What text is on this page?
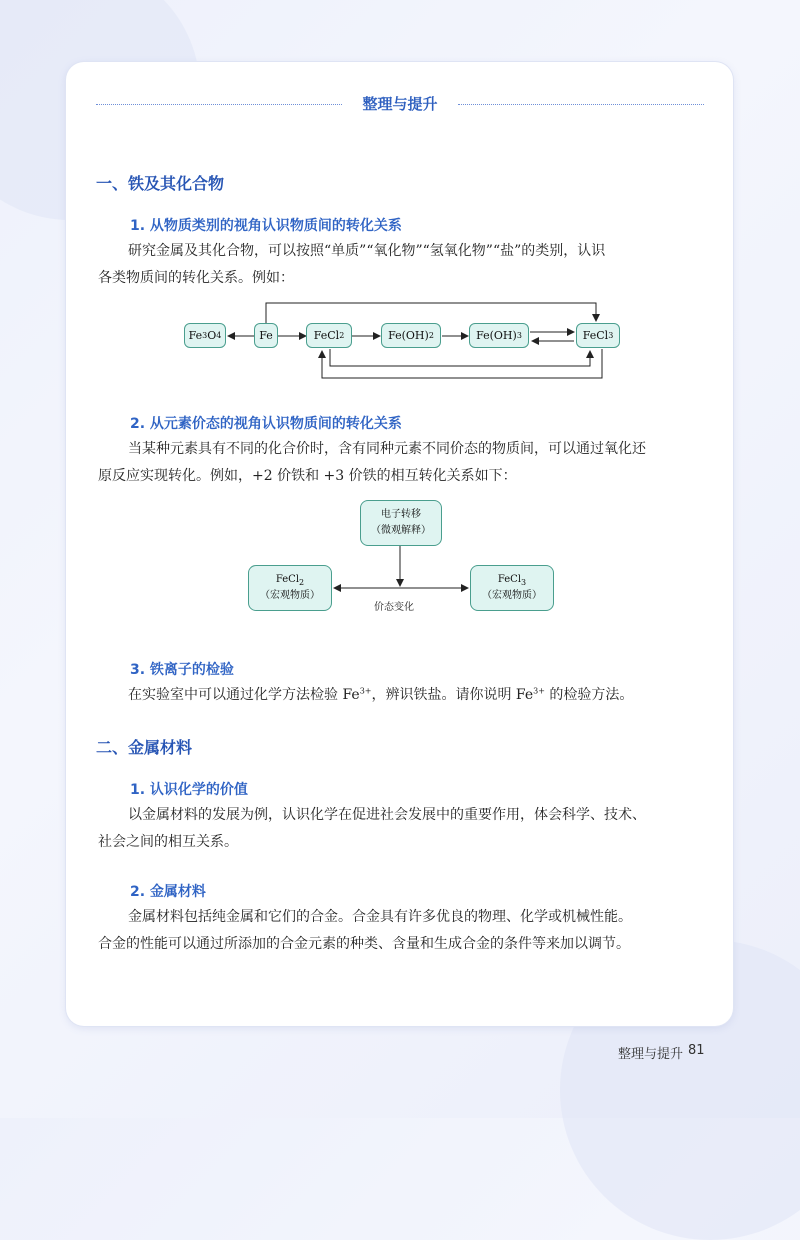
整理与提升
一、铁及其化合物
1. 从物质类别的视角认识物质间的转化关系
研究金属及其化合物，可以按照“单质”“氧化物”“氢氧化物”“盐”的类别，认识
各类物质间的转化关系。例如：
Fe 3 O 4	Fe	FeCl 2	Fe(OH) 2	Fe(OH) 3	FeCl 3
2. 从元素价态的视角认识物质间的转化关系
当某种元素具有不同的化合价时，含有同种元素不同价态的物质间，可以通过氧化还
原反应实现转化。例如，+2 价铁和 +3 价铁的相互转化关系如下：
电子转移
（微观解释）
FeCl$_2$
（宏观物质）
FeCl$_3$
（宏观物质）
价态变化
3. 铁离子的检验
在实验室中可以通过化学方法检验 $Fe^{3+}$，辨识铁盐。请你说明 $Fe^{3+}$ 的检验方法。
二、金属材料
1. 认识化学的价值
以金属材料的发展为例，认识化学在促进社会发展中的重要作用，体会科学、技术、
社会之间的相互关系。
2. 金属材料
金属材料包括纯金属和它们的合金。合金具有许多优良的物理、化学或机械性能。
合金的性能可以通过所添加的合金元素的种类、含量和生成合金的条件等来加以调节。
整理与提升 81
